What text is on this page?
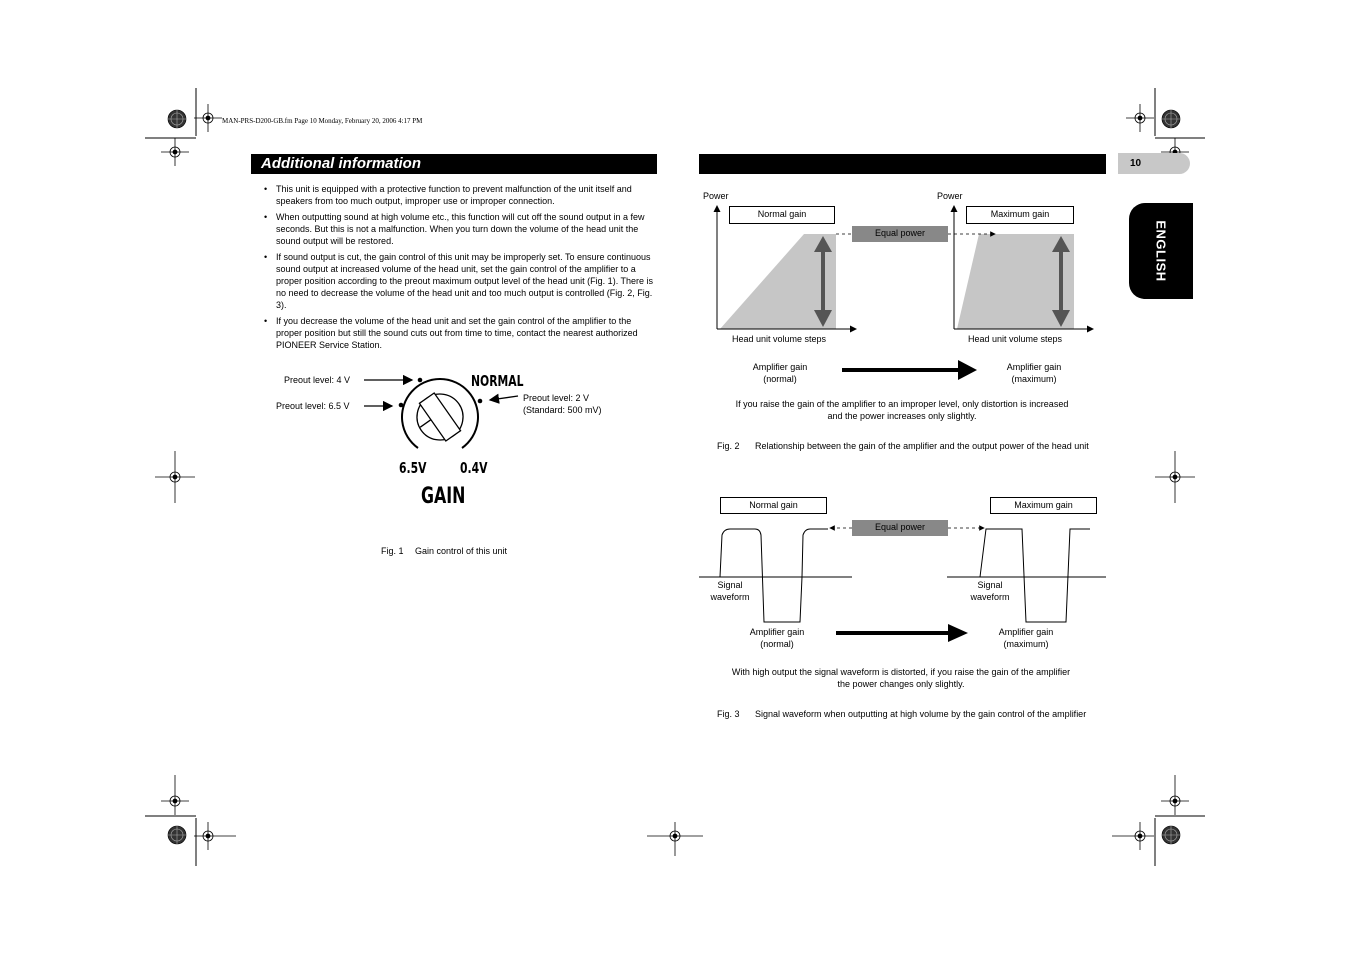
MAN-PRS-D200-GB.fm Page 10 Monday, February 20, 2006 4:17 PM
Additional information	10
ENGLISH
• This unit is equipped with a protective function to prevent malfunction of the unit itself and speakers from too much output, improper use or improper connection.
• When outputting sound at high volume etc., this function will cut off the sound output in a few seconds. But this is not a malfunction. When you turn down the volume of the head unit the sound output will be restored.
• If sound output is cut, the gain control of this unit may be improperly set. To ensure continuous sound output at increased volume of the head unit, set the gain control of the amplifier to a proper position according to the preout maximum output level of the head unit (Fig. 1). There is no need to decrease the volume of the head unit and too much output is controlled (Fig. 2, Fig. 3).
• If you decrease the volume of the head unit and set the gain control of the amplifier to the proper position but still the sound cuts out from time to time, contact the nearest authorized PIONEER Service Station.
Preout level: 4 V
Preout level: 6.5 V
Preout level: 2 V
(Standard: 500 mV)
NORMAL
6.5V 0.4V
GAIN
Fig. 1 Gain control of this unit
Power	Power
Normal gain	Maximum gain
Equal power
Head unit volume steps	Head unit volume steps
Amplifier gain
(normal)
Amplifier gain
(maximum)
If you raise the gain of the amplifier to an improper level, only distortion is increased
and the power increases only slightly.
Fig. 2 Relationship between the gain of the amplifier and the output power of the head unit
Normal gain	Maximum gain
Equal power
Signal
waveform
Signal
waveform
Amplifier gain
(normal)
Amplifier gain
(maximum)
With high output the signal waveform is distorted, if you raise the gain of the amplifier
the power changes only slightly.
Fig. 3 Signal waveform when outputting at high volume by the gain control of the amplifier
